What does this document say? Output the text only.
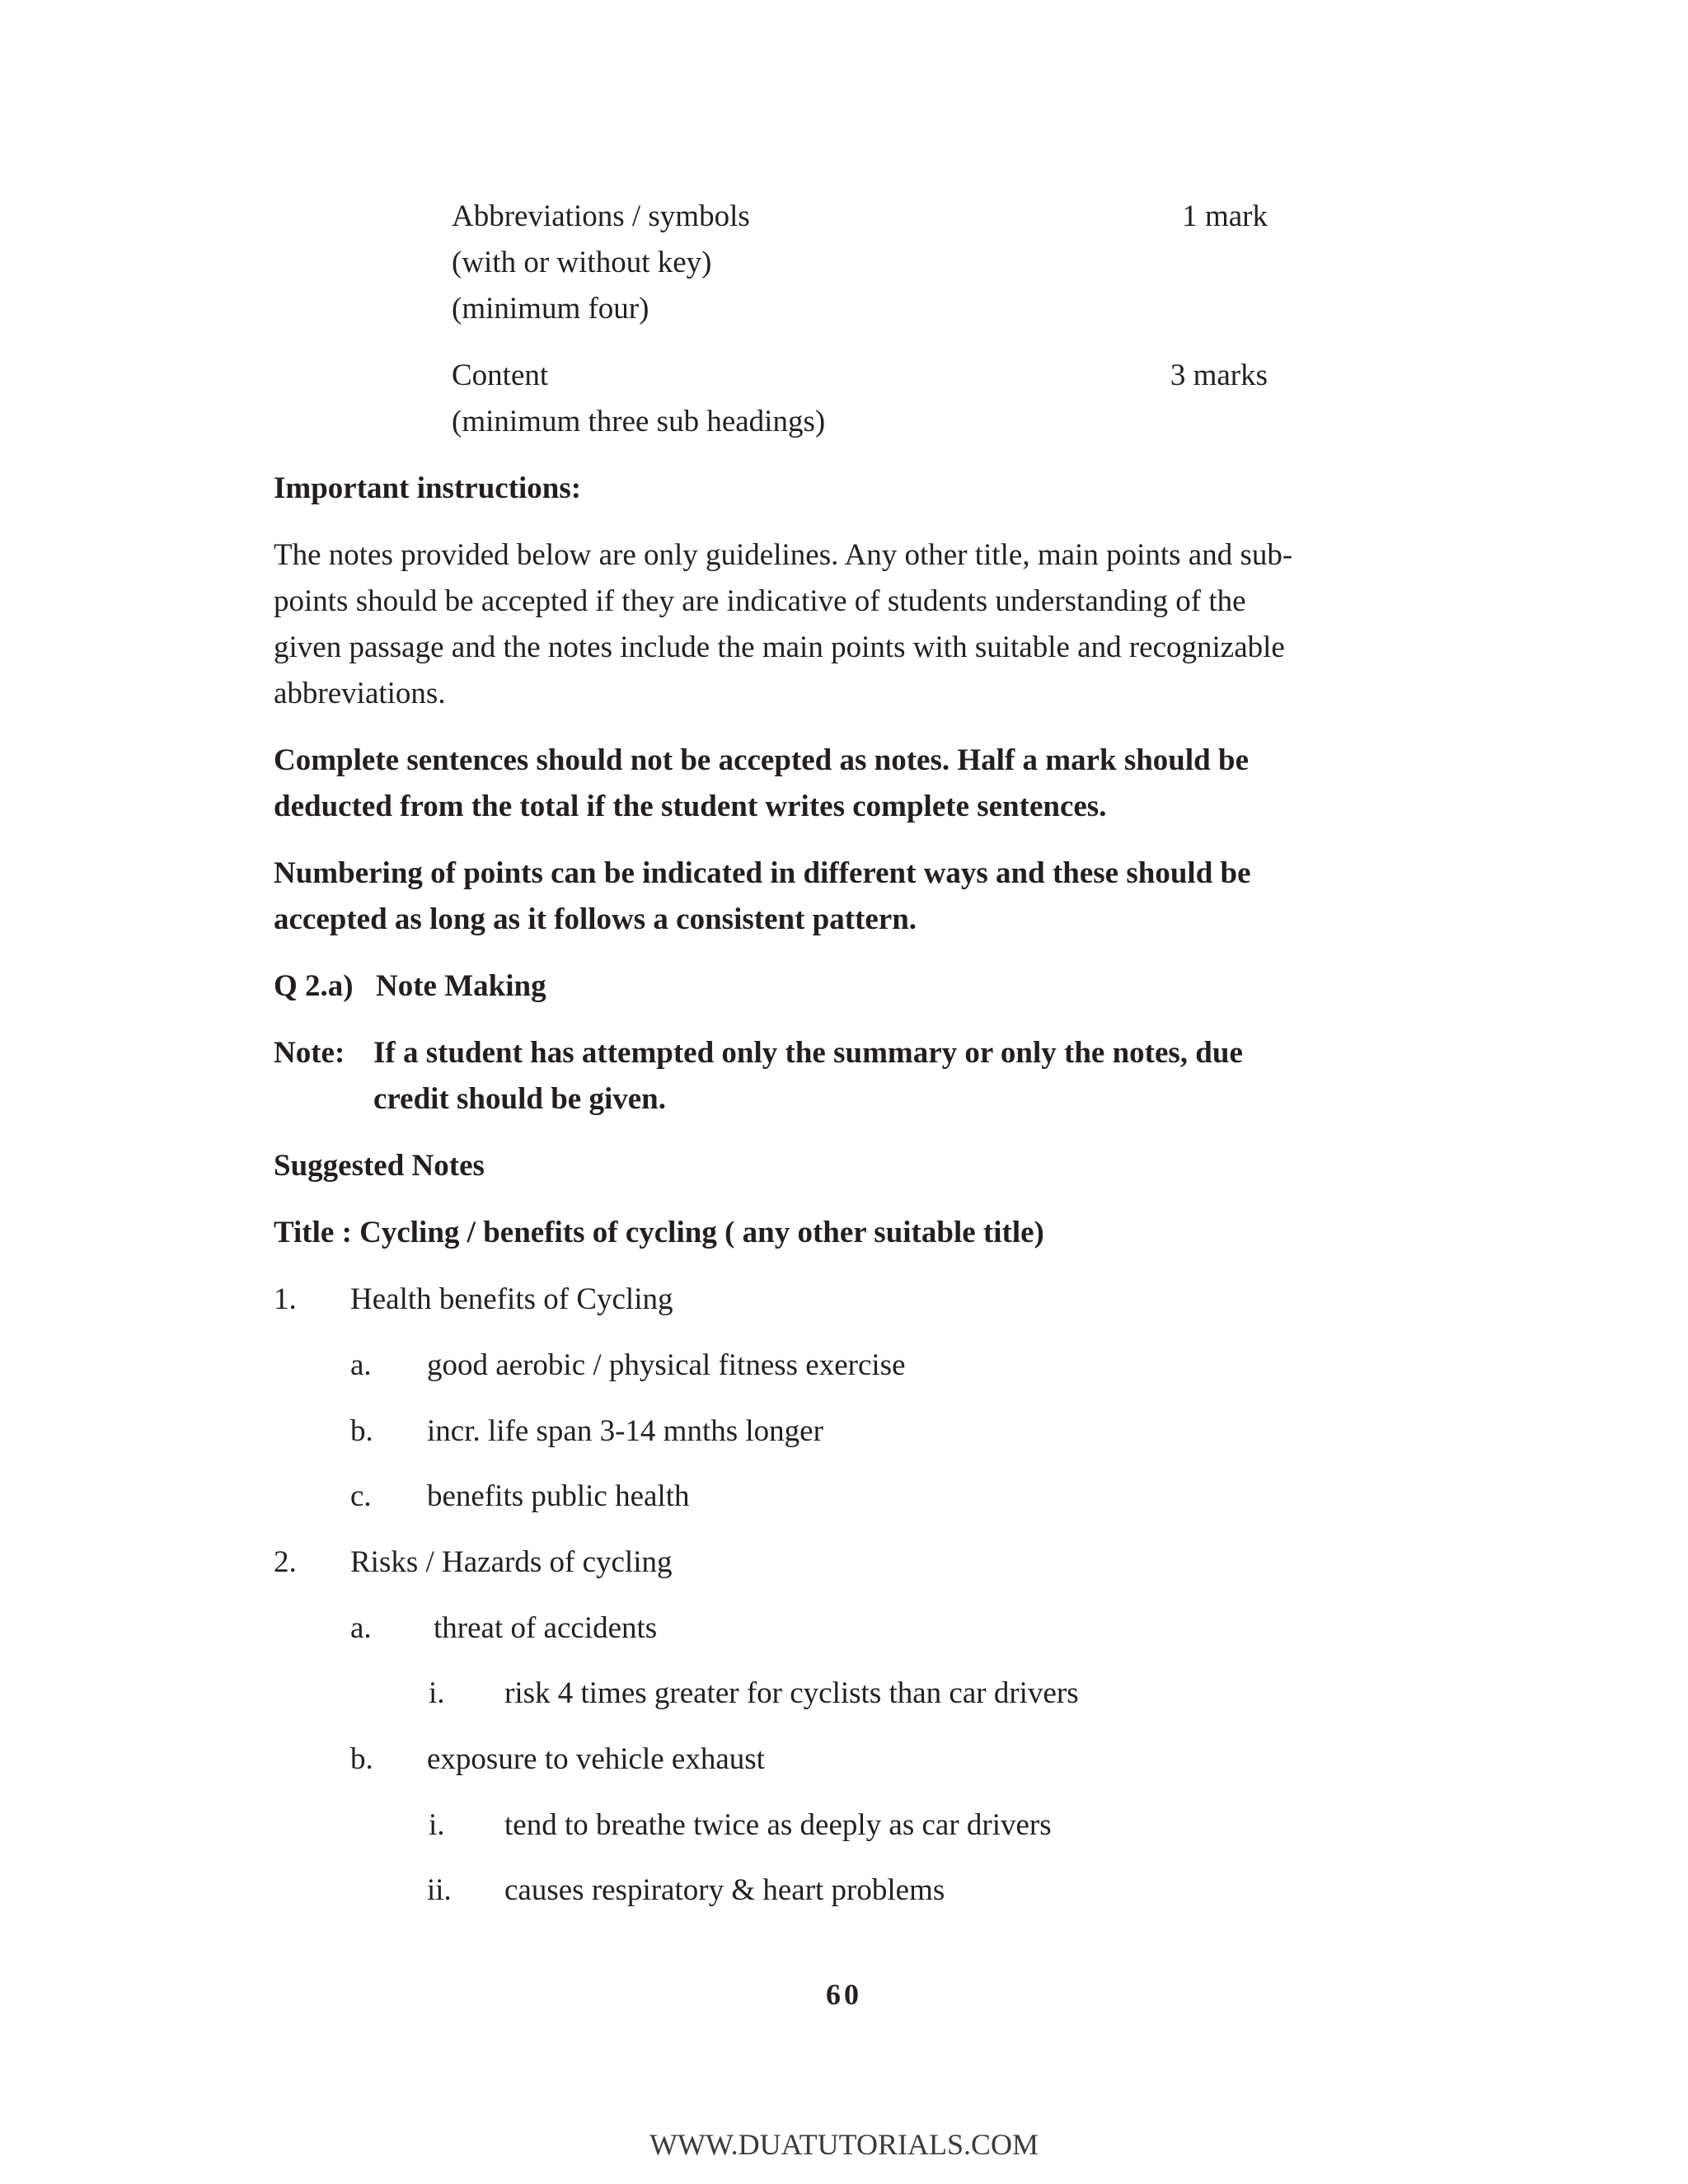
Abbreviations / symbols	1 mark
(with or without key)
(minimum four)
Content	3 marks
(minimum three sub headings)
Important instructions:
The notes provided below are only guidelines. Any other title, main points and sub-
points should be accepted if they are indicative of students understanding of the
given passage and the notes include the main points with suitable and recognizable
abbreviations.
Complete sentences should not be accepted as notes. Half a mark should be
deducted from the total if the student writes complete sentences.
Numbering of points can be indicated in different ways and these should be
accepted as long as it follows a consistent pattern.
Q 2.a) Note Making
Note: If a student has attempted only the summary or only the notes, due
credit should be given.
Suggested Notes
Title : Cycling / benefits of cycling ( any other suitable title)
1. Health benefits of Cycling
a. good aerobic / physical fitness exercise
b. incr. life span 3-14 mnths longer
c. benefits public health
2. Risks / Hazards of cycling
a. threat of accidents
i. risk 4 times greater for cyclists than car drivers
b. exposure to vehicle exhaust
i. tend to breathe twice as deeply as car drivers
ii. causes respiratory & heart problems
60
WWW.DUATUTORIALS.COM
